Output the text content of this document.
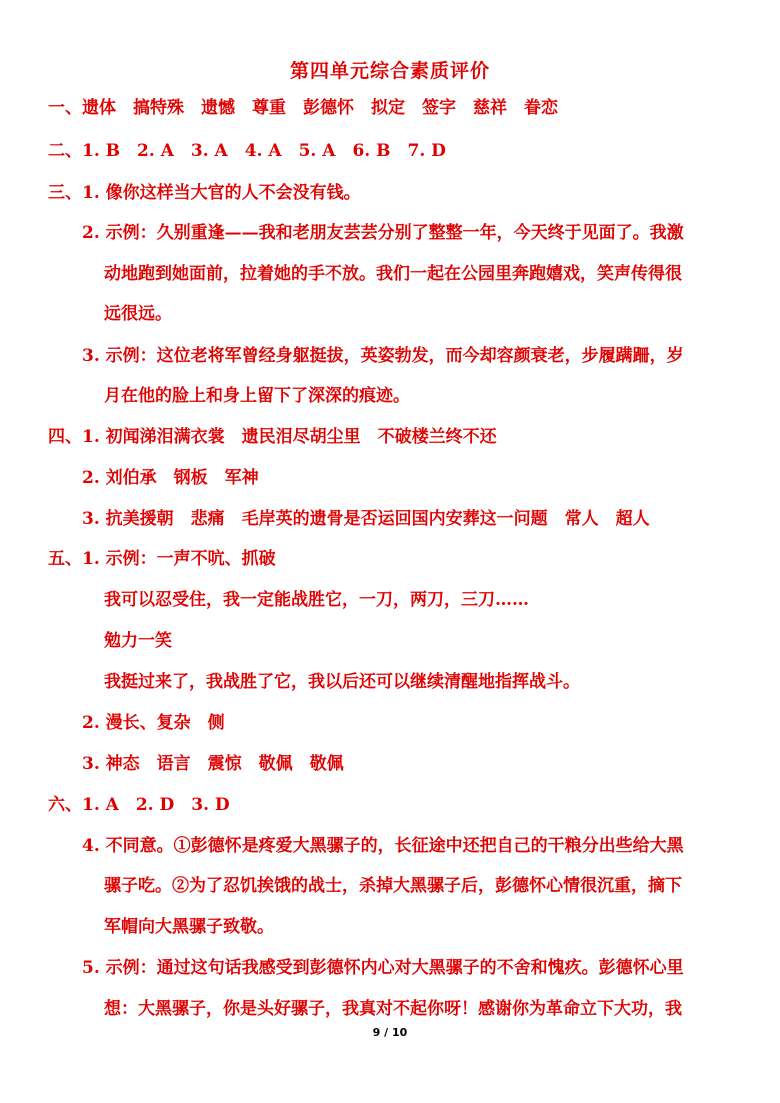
第四单元综合素质评价
一、遗体　搞特殊　遗憾　尊重　彭德怀　拟定　签字　慈祥　眷恋
二、1. B　2. A　3. A　4. A　5. A　6. B　7. D
三、1. 像你这样当大官的人不会没有钱。
2. 示例：久别重逢——我和老朋友芸芸分别了整整一年，今天终于见面了。我激
动地跑到她面前，拉着她的手不放。我们一起在公园里奔跑嬉戏，笑声传得很
远很远。
3. 示例：这位老将军曾经身躯挺拔，英姿勃发，而今却容颜衰老，步履蹒跚，岁
月在他的脸上和身上留下了深深的痕迹。
四、1. 初闻涕泪满衣裳　遗民泪尽胡尘里　不破楼兰终不还
2. 刘伯承　钢板　军神
3. 抗美援朝　悲痛　毛岸英的遗骨是否运回国内安葬这一问题　常人　超人
五、1. 示例：一声不吭、抓破
我可以忍受住，我一定能战胜它，一刀，两刀，三刀……
勉力一笑
我挺过来了，我战胜了它，我以后还可以继续清醒地指挥战斗。
2. 漫长、复杂　侧
3. 神态　语言　震惊　敬佩　敬佩
六、1. A　2. D　3. D
4. 不同意。①彭德怀是疼爱大黑骡子的，长征途中还把自己的干粮分出些给大黑
骡子吃。②为了忍饥挨饿的战士，杀掉大黑骡子后，彭德怀心情很沉重，摘下
军帽向大黑骡子致敬。
5. 示例：通过这句话我感受到彭德怀内心对大黑骡子的不舍和愧疚。彭德怀心里
想：大黑骡子，你是头好骡子，我真对不起你呀！感谢你为革命立下大功，我
9 / 10
